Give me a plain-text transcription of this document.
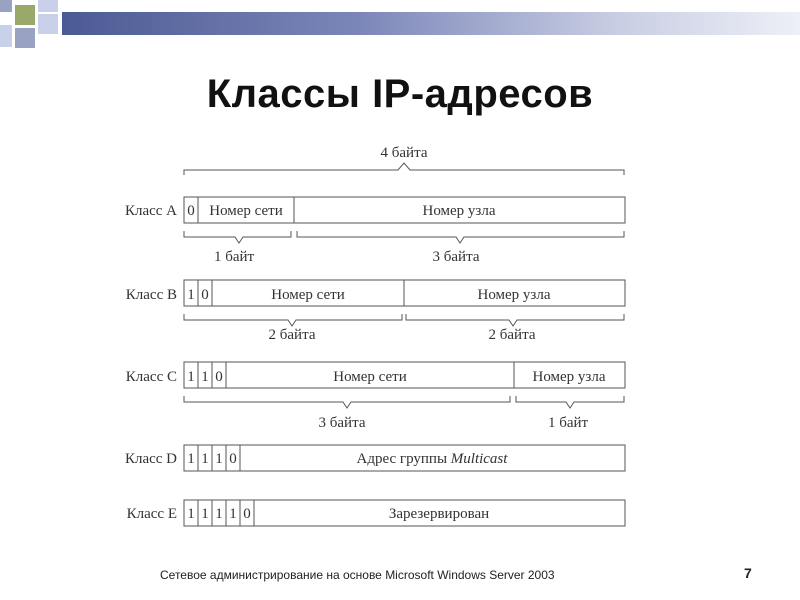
Классы IP-адресов
4 байта
Класс A 0 Номер сети	Номер узла
1 байт	3 байта
Класс B 1 0	Номер сети	Номер узла
2 байта	2 байта
Класс C 1 1 0	Номер сети	Номер узла
3 байта	1 байт
Класс D 1 1 1 0	Адрес группы Multicast
Класс E 1 1 1 1 0	Зарезервирован
Сетевое администрирование на основе Microsoft Windows Server 2003	7
